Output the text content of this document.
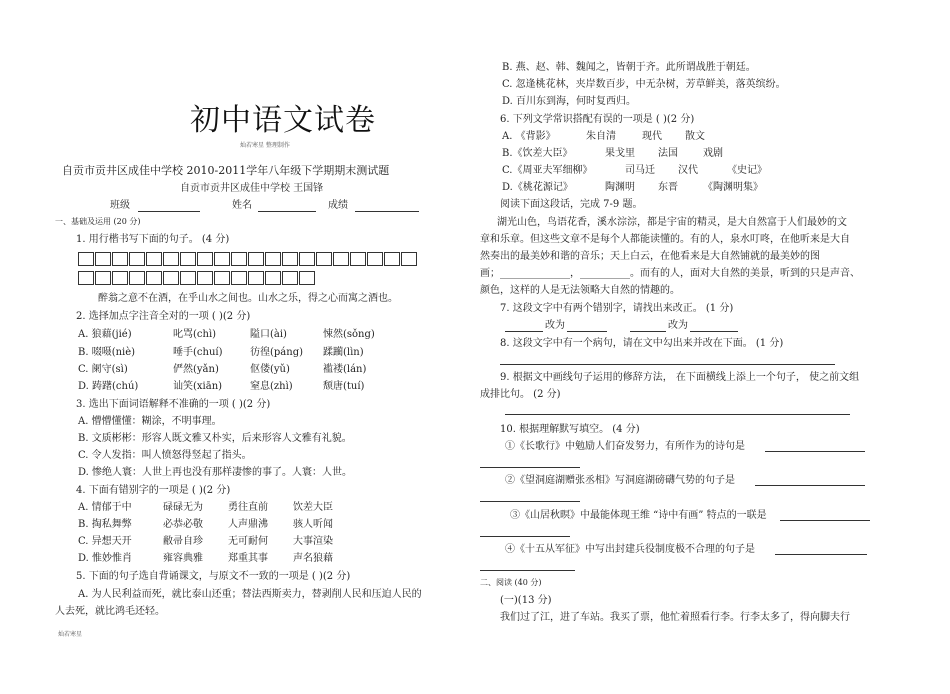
初中语文试卷
灿若寒星 整理制作
自贡市贡井区成佳中学校 2010-2011学年八年级下学期期末测试题
自贡市贡井区成佳中学校 王国锋
班级	姓名	成绩
一、基础及运用 (20 分)
1. 用行楷书写下面的句子。 (4 分)
醉翁之意不在酒，在乎山水之间也。山水之乐，得之心而寓之酒也。
2. 选择加点字注音全对的一项 ( )(2 分)
A. 狼藉(jié)	叱骂(chì)	隘口(ài)	悚然(sǒng)
B. 啜嗫(niè)	唾手(chuí)	彷徨(páng) 蹂躏(lìn)
C. 阑守(sì)	俨然(yǎn)	伛偻(yǔ)	褴褛(lán)
D. 踌躇(chú)	讪笑(xiān)	窒息(zhì)	颓唐(tuí)
3. 选出下面词语解释不准确的一项 ( )(2 分)
A. 懵懵懂懂：糊涂，不明事理。
B. 文质彬彬：形容人既文雅又朴实，后来形容人文雅有礼貌。
C. 令人发指：叫人愤怒得竖起了指头。
D. 惨绝人寰：人世上再也没有那样凄惨的事了。人寰：人世。
4. 下面有错别字的一项是 ( )(2 分)
A. 情郁于中	碌碌无为	勇往直前	饮差大臣
B. 掏私舞弊	必恭必敬	人声鼎沸	骇人听闻
C. 异想天开	敝帚自珍	无可耐何	大事渲染
D. 惟妙惟肖	雍容典雅	郑重其事	声名狼藉
5. 下面的句子选自背诵课文，与原文不一致的一项是 ( )(2 分)
A. 为人民利益而死，就比泰山还重；替法西斯卖力，替剥削人民和压迫人民的
人去死，就比鸿毛还轻。
灿若寒星
B. 燕、赵、韩、魏闻之，皆朝于齐。此所谓战胜于朝廷。
C. 忽逢桃花林，夹岸数百步，中无杂树，芳草鲜美，落英缤纷。
D. 百川东到海，何时复西归。
6. 下列文学常识搭配有误的一项是 ( )(2 分)
A. 《背影》	朱自清	现代 散文
B.《饮差大臣》	果戈里 法国	戏剧
C.《周亚夫军细柳》	司马迁 汉代	《史记》
D.《桃花源记》	陶渊明 东晋	《陶渊明集》
阅读下面这段话，完成 7-9 题。
湖光山色，鸟语花香，溪水淙淙，都是宇宙的精灵，是大自然富于人们最妙的文
章和乐章。但这些文章不是每个人都能读懂的。有的人，泉水叮咚，在他听来是大自
然奏出的最美妙和谐的音乐；天上白云，在他看来是大自然铺就的最美妙的图
画；______________，__________。而有的人，面对大自然的美景，听到的只是声音、
颜色，这样的人是无法领略大自然的情趣的。
7. 这段文字中有两个错别字，请找出来改正。 (1 分)
改为	改为
8. 这段文字中有一个病句，请在文中勾出来并改在下面。 (1 分)
9. 根据文中画线句子运用的修辞方法， 在下面横线上添上一个句子， 使之前文组
成排比句。 (2 分)
10. 根据理解默写填空。 (4 分)
①《长歌行》中勉励人们奋发努力，有所作为的诗句是
②《望洞庭湖赠张丞相》写洞庭湖磅礴气势的句子是
③《山居秋暝》中最能体现王维 “诗中有画” 特点的一联是
④《十五从军征》中写出封建兵役制度极不合理的句子是
二、阅读 (40 分)
(一)(13 分)
我们过了江，进了车站。我买了票，他忙着照看行李。行李太多了，得向脚夫行
